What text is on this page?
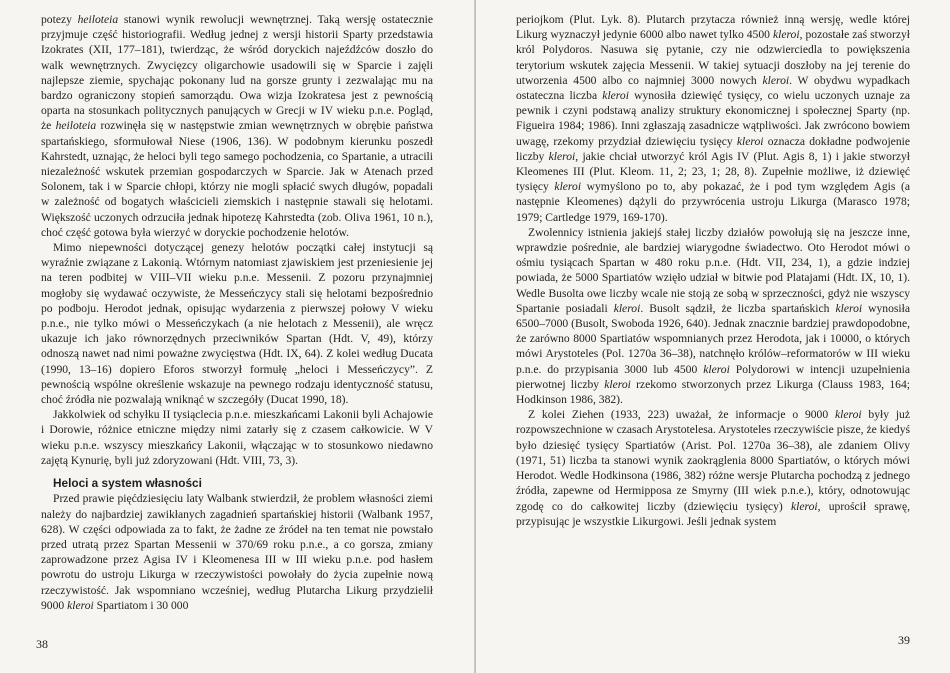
potezy heiloteia stanowi wynik rewolucji wewnętrznej. Taką wersję ostatecznie przyjmuje część historiografii. Według jednej z wersji historii Sparty przedstawia Izokrates (XII, 177–181), twierdząc, że wśród doryckich najeźdźców doszło do walk wewnętrznych. Zwycięzcy oligarchowie usadowili się w Sparcie i zajęli najlepsze ziemie, spychając pokonany lud na gorsze grunty i zezwalając mu na bardzo ograniczony stopień samorządu. Owa wizja Izokratesa jest z pewnością oparta na stosunkach politycznych panujących w Grecji w IV wieku p.n.e. Pogląd, że heiloteia rozwinęła się w następstwie zmian wewnętrznych w obrębie państwa spartańskiego, sformułował Niese (1906, 136). W podobnym kierunku poszedł Kahrstedt, uznając, że heloci byli tego samego pochodzenia, co Spartanie, a utracili niezależność wskutek przemian gospodarczych w Sparcie. Jak w Atenach przed Solonem, tak i w Sparcie chłopi, którzy nie mogli spłacić swych długów, popadali w zależność od bogatych właścicieli ziemskich i następnie stawali się helotami. Większość uczonych odrzuciła jednak hipotezę Kahrstedta (zob. Oliva 1961, 10 n.), choć część gotowa była wierzyć w doryckie pochodzenie helotów.

Mimo niepewności dotyczącej genezy helotów początki całej instytucji są wyraźnie związane z Lakonią. Wtórnym natomiast zjawiskiem jest przeniesienie jej na teren podbitej w VIII–VII wieku p.n.e. Messenii. Z pozoru przynajmniej mogłoby się wydawać oczywiste, że Messeńczycy stali się helotami bezpośrednio po podboju. Herodot jednak, opisując wydarzenia z pierwszej połowy V wieku p.n.e., nie tylko mówi o Messeńczykach (a nie helotach z Messenii), ale wręcz ukazuje ich jako równorzędnych przeciwników Spartan (Hdt. V, 49), którzy odnoszą nawet nad nimi poważne zwycięstwa (Hdt. IX, 64). Z kolei według Ducata (1990, 13–16) dopiero Eforos stworzył formułę „heloci i Messeńczycy”. Z pewnością wspólne określenie wskazuje na pewnego rodzaju identyczność statusu, choć źródła nie pozwalają wniknąć w szczegóły (Ducat 1990, 18).

Jakkolwiek od schyłku II tysiąclecia p.n.e. mieszkańcami Lakonii byli Achajowie i Dorowie, różnice etniczne między nimi zatarły się z czasem całkowicie. W V wieku p.n.e. wszyscy mieszkańcy Lakonii, włączając w to stosunkowo niedawno zajętą Kynurię, byli już zdoryzowani (Hdt. VIII, 73, 3).

Heloci a system własności

Przed prawie pięćdziesięciu laty Walbank stwierdził, że problem własności ziemi należy do najbardziej zawikłanych zagadnień spartańskiej historii (Walbank 1957, 628). W części odpowiada za to fakt, że żadne ze źródeł na ten temat nie powstało przed utratą przez Spartan Messenii w 370/69 roku p.n.e., a co gorsza, zmiany zaprowadzone przez Agisa IV i Kleomenesa III w III wieku p.n.e. pod hasłem powrotu do ustroju Likurga w rzeczywistości powołały do życia zupełnie nową rzeczywistość. Jak wspomniano wcześniej, według Plutarcha Likurg przydzielił 9000 kleroi Spartiatom i 30 000

38

periojkom (Plut. Lyk. 8). Plutarch przytacza również inną wersję, wedle której Likurg wyznaczył jedynie 6000 albo nawet tylko 4500 kleroi, pozostałe zaś stworzył król Polydoros. Nasuwa się pytanie, czy nie odzwierciedla to powiększenia terytorium wskutek zajęcia Messenii. W takiej sytuacji doszłoby na jej terenie do utworzenia 4500 albo co najmniej 3000 nowych kleroi. W obydwu wypadkach ostateczna liczba kleroi wynosiła dziewięć tysięcy, co wielu uczonych uznaje za pewnik i czyni podstawą analizy struktury ekonomicznej i społecznej Sparty (np. Figueira 1984; 1986). Inni zgłaszają zasadnicze wątpliwości. Jak zwrócono bowiem uwagę, rzekomy przydział dziewięciu tysięcy kleroi oznacza dokładne podwojenie liczby kleroi, jakie chciał utworzyć król Agis IV (Plut. Agis 8, 1) i jakie stworzył Kleomenes III (Plut. Kleom. 11, 2; 23, 1; 28, 8). Zupełnie możliwe, iż dziewięć tysięcy kleroi wymyślono po to, aby pokazać, że i pod tym względem Agis (a następnie Kleomenes) dążyli do przywrócenia ustroju Likurga (Marasco 1978; 1979; Cartledge 1979, 169-170).

Zwolennicy istnienia jakiejś stałej liczby działów powołują się na jeszcze inne, wprawdzie pośrednie, ale bardziej wiarygodne świadectwo. Oto Herodot mówi o ośmiu tysiącach Spartan w 480 roku p.n.e. (Hdt. VII, 234, 1), a gdzie indziej powiada, że 5000 Spartiatów wzięło udział w bitwie pod Platajami (Hdt. IX, 10, 1). Wedle Busolta owe liczby wcale nie stoją ze sobą w sprzeczności, gdyż nie wszyscy Spartanie posiadali kleroi. Busolt sądził, że liczba spartańskich kleroi wynosiła 6500–7000 (Busolt, Swoboda 1926, 640). Jednak znacznie bardziej prawdopodobne, że zarówno 8000 Spartiatów wspomnianych przez Herodota, jak i 10000, o których mówi Arystoteles (Pol. 1270a 36–38), natchnęło królów–reformatorów w III wieku p.n.e. do przypisania 3000 lub 4500 kleroi Polydorowi w intencji uzupełnienia pierwotnej liczby kleroi rzekomo stworzonych przez Likurga (Clauss 1983, 164; Hodkinson 1986, 382).

Z kolei Ziehen (1933, 223) uważał, że informacje o 9000 kleroi były już rozpowszechnione w czasach Arystotelesa. Arystoteles rzeczywiście pisze, że kiedyś było dziesięć tysięcy Spartiatów (Arist. Pol. 1270a 36–38), ale zdaniem Olivy (1971, 51) liczba ta stanowi wynik zaokrąglenia 8000 Spartiatów, o których mówi Herodot. Wedle Hodkinsona (1986, 382) różne wersje Plutarcha pochodzą z jednego źródła, zapewne od Hermipposa ze Smyrny (III wiek p.n.e.), który, odnotowując zgodę co do całkowitej liczby (dziewięciu tysięcy) kleroi, uprościł sprawę, przypisując je wszystkie Likurgowi. Jeśli jednak system

39
